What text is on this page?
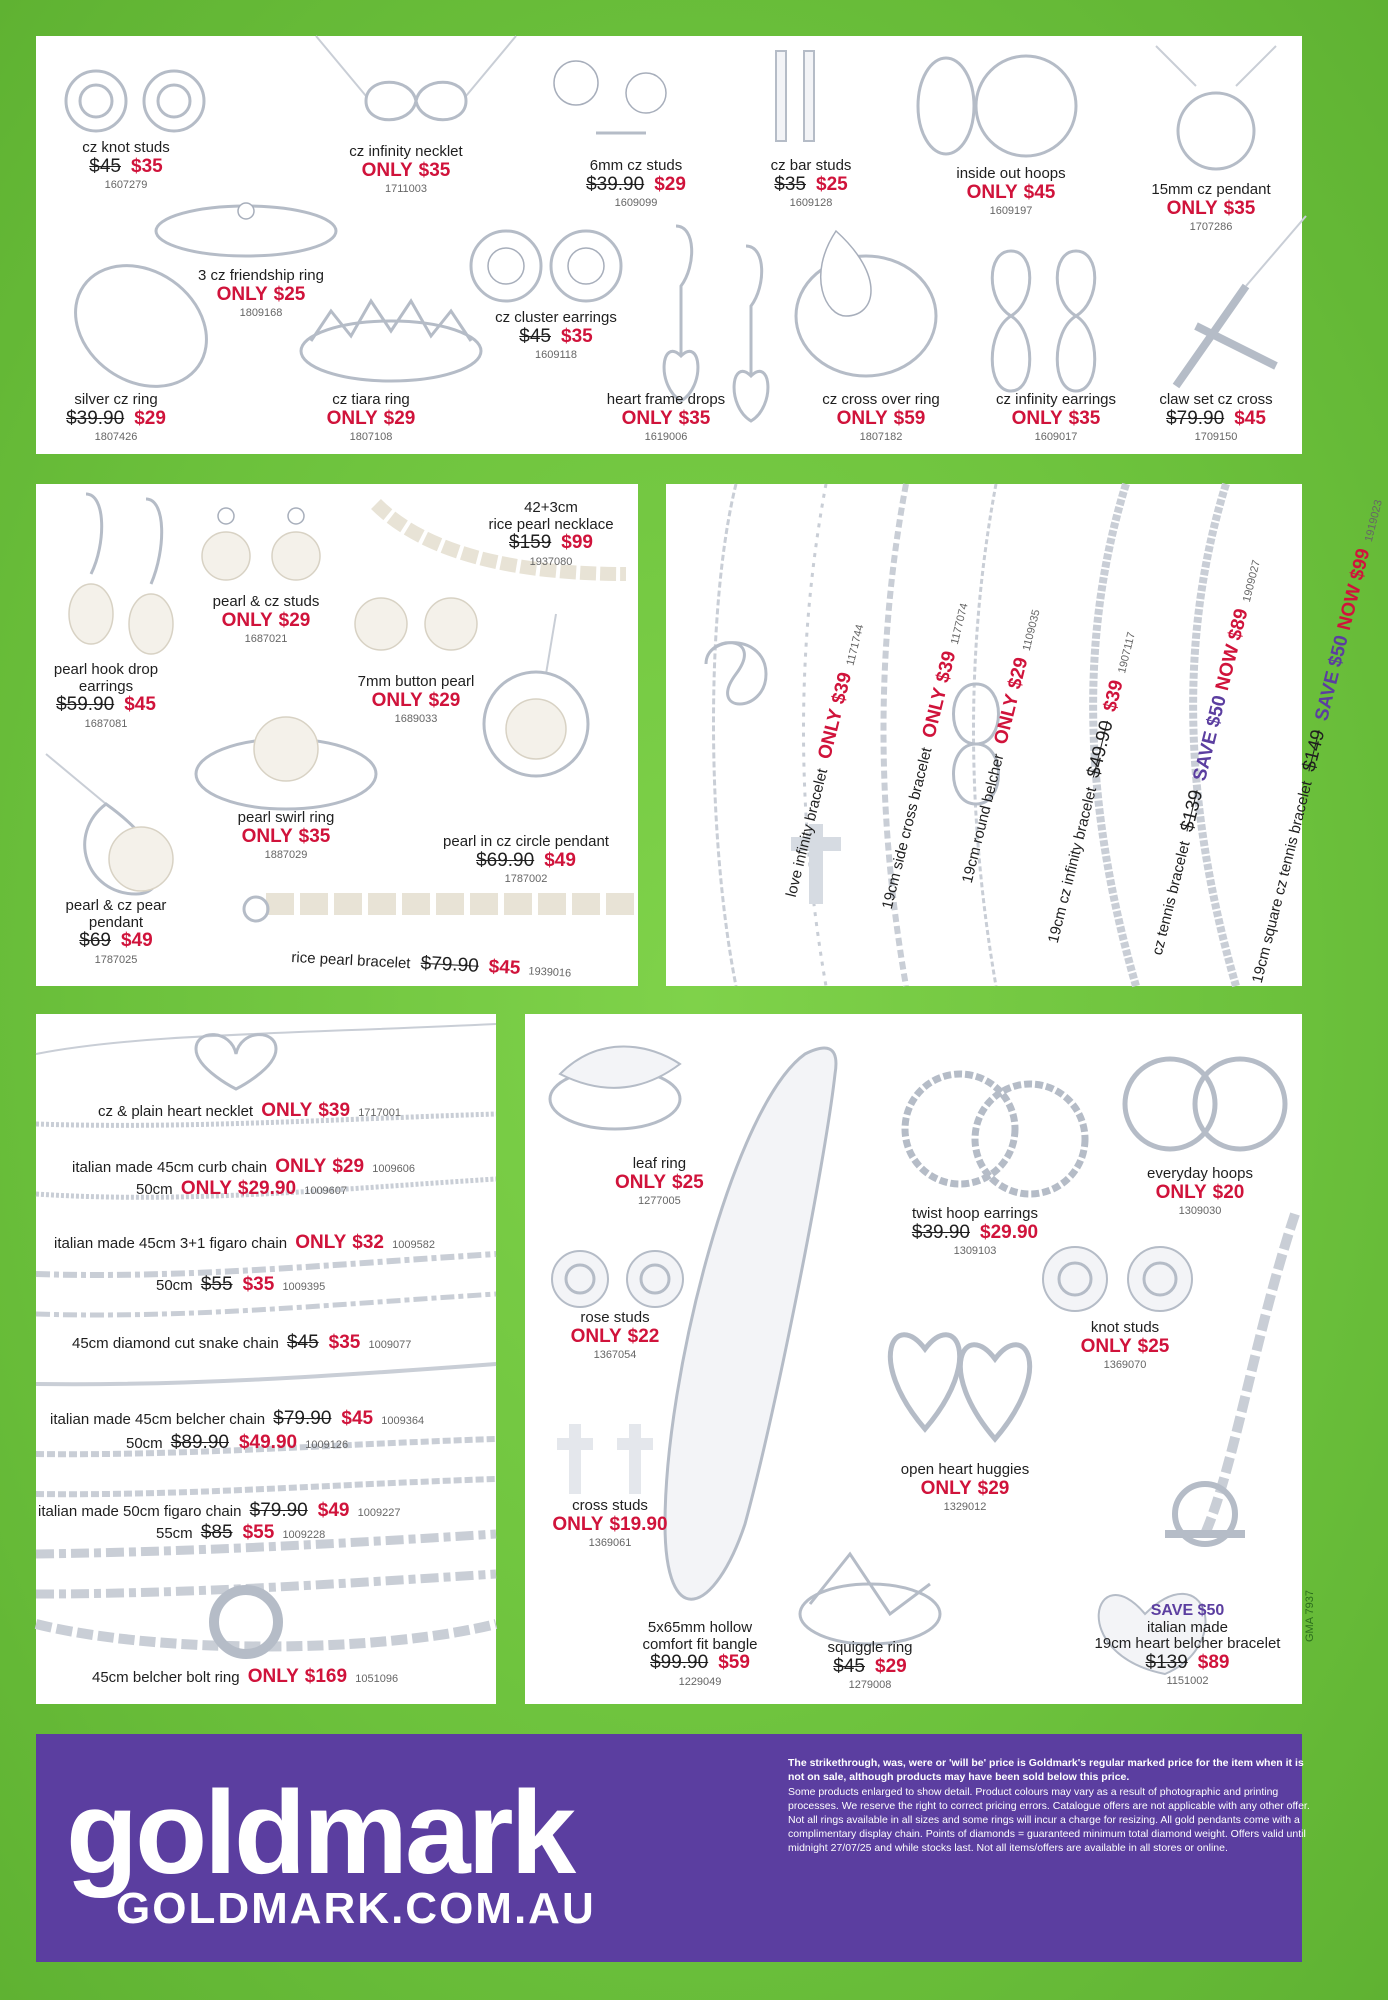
cz knot studs
$45 $35
1607279
cz infinity necklet
ONLY $35
1711003
6mm cz studs
$39.90 $29
1609099
cz bar studs
$35 $25
1609128
inside out hoops
ONLY $45
1609197
15mm cz pendant
ONLY $35
1707286
3 cz friendship ring
ONLY $25
1809168	cz cluster earrings
$45 $35
1609118
silver cz ring
$39.90 $29
1807426
cz tiara ring
ONLY $29
1807108
heart frame drops
ONLY $35
1619006
cz cross over ring
ONLY $59
1807182
cz infinity earrings
ONLY $35
1609017
claw set cz cross
$79.90 $45
1709150
42+3cm
rice pearl necklace
$159 $99
1937080
pearl & cz studs
ONLY $29
1687021
pearl hook drop
earrings
$59.90 $45
1687081
7mm button pearl
ONLY $29
1689033
pearl swirl ring
ONLY $35
1887029
pearl in cz circle pendant
$69.90 $49
1787002
pearl & cz pear
pendant
$69 $49
1787025	rice pearl bracelet $79.90 $45 1939016
love infinity bracelet ONLY$39 1171744
19cm side cross bracelet ONLY$39 1177074
19cm round belcher ONLY$29 1109035
19cm cz infinity bracelet $49.90$39 1907117
cz tennis bracelet $139SAVE $50NOW $89 1909027
19cm square cz tennis bracelet $149SAVE $50NOW $99 1919023
cz & plain heart necklet ONLY $39 1717001
italian made 45cm curb chain ONLY $29 1009606
50cm ONLY $29.90 1009607
italian made 45cm 3+1 figaro chain ONLY $32 1009582
50cm $55 $35 1009395
45cm diamond cut snake chain $45 $35 1009077
italian made 45cm belcher chain $79.90 $45 1009364
50cm $89.90 $49.90 1009126
italian made 50cm figaro chain $79.90 $49 1009227
55cm $85 $55 1009228
45cm belcher bolt ring ONLY $169 1051096
leaf ring
ONLY $25
1277005
twist hoop earrings
$39.90 $29.90
1309103
everyday hoops
ONLY $20
1309030
rose studs
ONLY $22
1367054
knot studs
ONLY $25
1369070
open heart huggies
ONLY $29
1329012
cross studs
ONLY $19.90
1369061
5x65mm hollow
comfort fit bangle
$99.90 $59
1229049
squiggle ring
$45 $29
1279008
SAVE $50
italian made
19cm heart belcher bracelet
$139 $89
1151002
GMA 7937
goldmark
GOLDMARK.COM.AU

The strikethrough, was, were or 'will be' price is Goldmark's regular marked price for the item when it is not on sale, although products may have been sold below this price.

Some products enlarged to show detail. Product colours may vary as a result of photographic and printing processes. We reserve the right to correct pricing errors. Catalogue offers are not applicable with any other offer. Not all rings available in all sizes and some rings will incur a charge for resizing. All gold pendants come with a complimentary display chain. Points of diamonds = guaranteed minimum total diamond weight. Offers valid until midnight 27/07/25 and while stocks last. Not all items/offers are available in all stores or online.
